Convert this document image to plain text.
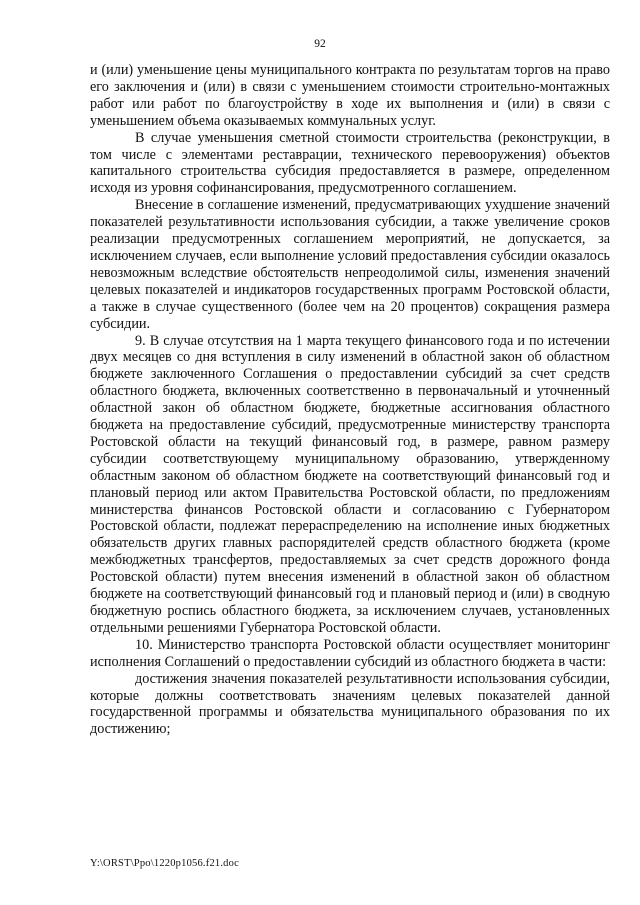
92

и (или) уменьшение цены муниципального контракта по результатам торгов на право его заключения и (или) в связи с уменьшением стоимости строительно-монтажных работ или работ по благоустройству в ходе их выполнения и (или) в связи с уменьшением объема оказываемых коммунальных услуг.

В случае уменьшения сметной стоимости строительства (реконструкции, в том числе с элементами реставрации, технического перевооружения) объектов капитального строительства субсидия предоставляется в размере, определенном исходя из уровня софинансирования, предусмотренного соглашением.

Внесение в соглашение изменений, предусматривающих ухудшение значений показателей результативности использования субсидии, а также увеличение сроков реализации предусмотренных соглашением мероприятий, не допускается, за исключением случаев, если выполнение условий предоставления субсидии оказалось невозможным вследствие обстоятельств непреодолимой силы, изменения значений целевых показателей и индикаторов государственных программ Ростовской области, а также в случае существенного (более чем на 20 процентов) сокращения размера субсидии.

9. В случае отсутствия на 1 марта текущего финансового года и по истечении двух месяцев со дня вступления в силу изменений в областной закон об областном бюджете заключенного Соглашения о предоставлении субсидий за счет средств областного бюджета, включенных соответственно в первоначальный и уточненный областной закон об областном бюджете, бюджетные ассигнования областного бюджета на предоставление субсидий, предусмотренные министерству транспорта Ростовской области на текущий финансовый год, в размере, равном размеру субсидии соответствующему муниципальному образованию, утвержденному областным законом об областном бюджете на соответствующий финансовый год и плановый период или актом Правительства Ростовской области, по предложениям министерства финансов Ростовской области и согласованию с Губернатором Ростовской области, подлежат перераспределению на исполнение иных бюджетных обязательств других главных распорядителей средств областного бюджета (кроме межбюджетных трансфертов, предоставляемых за счет средств дорожного фонда Ростовской области) путем внесения изменений в областной закон об областном бюджете на соответствующий финансовый год и плановый период и (или) в сводную бюджетную роспись областного бюджета, за исключением случаев, установленных отдельными решениями Губернатора Ростовской области.

10. Министерство транспорта Ростовской области осуществляет мониторинг исполнения Соглашений о предоставлении субсидий из областного бюджета в части:

достижения значения показателей результативности использования субсидии, которые должны соответствовать значениям целевых показателей данной государственной программы и обязательства муниципального образования по их достижению;

Y:\ORST\Ppo\1220p1056.f21.doc
